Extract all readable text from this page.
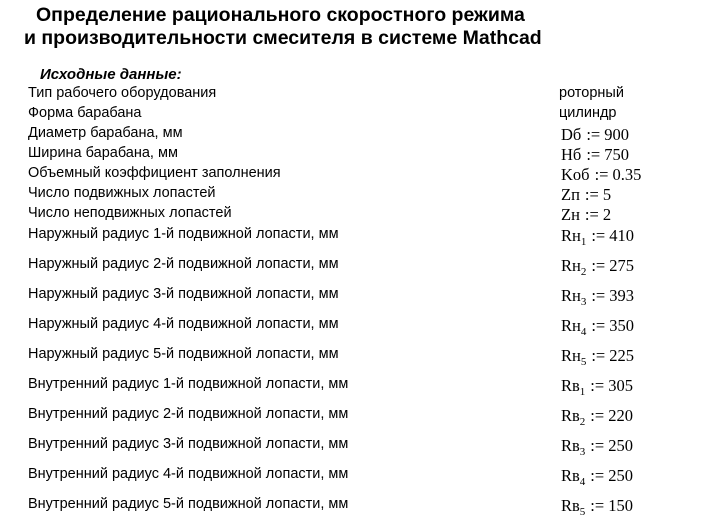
Определение рационального скоростного режима
и производительности смесителя в системе Mathcad
Исходные данные:
Тип рабочего оборудования	роторный
Форма барабана	цилиндр
Диаметр барабана, мм	Dб := 900
Ширина барабана, мм	Hб := 750
Объемный коэффициент заполнения	Kоб := 0.35
Число подвижных лопастей	Zп := 5
Число неподвижных лопастей	Zн := 2
Наружный радиус 1-й подвижной лопасти, мм	$Rн_1$ := 410
Наружный радиус 2-й подвижной лопасти, мм	$Rн_2$ := 275
Наружный радиус 3-й подвижной лопасти, мм	$Rн_3$ := 393
Наружный радиус 4-й подвижной лопасти, мм	$Rн_4$ := 350
Наружный радиус 5-й подвижной лопасти, мм	$Rн_5$ := 225
Внутренний радиус 1-й подвижной лопасти, мм	$Rв_1$ := 305
Внутренний радиус 2-й подвижной лопасти, мм	$Rв_2$ := 220
Внутренний радиус 3-й подвижной лопасти, мм	$Rв_3$ := 250
Внутренний радиус 4-й подвижной лопасти, мм	$Rв_4$ := 250
Внутренний радиус 5-й подвижной лопасти, мм	$Rв_5$ := 150
